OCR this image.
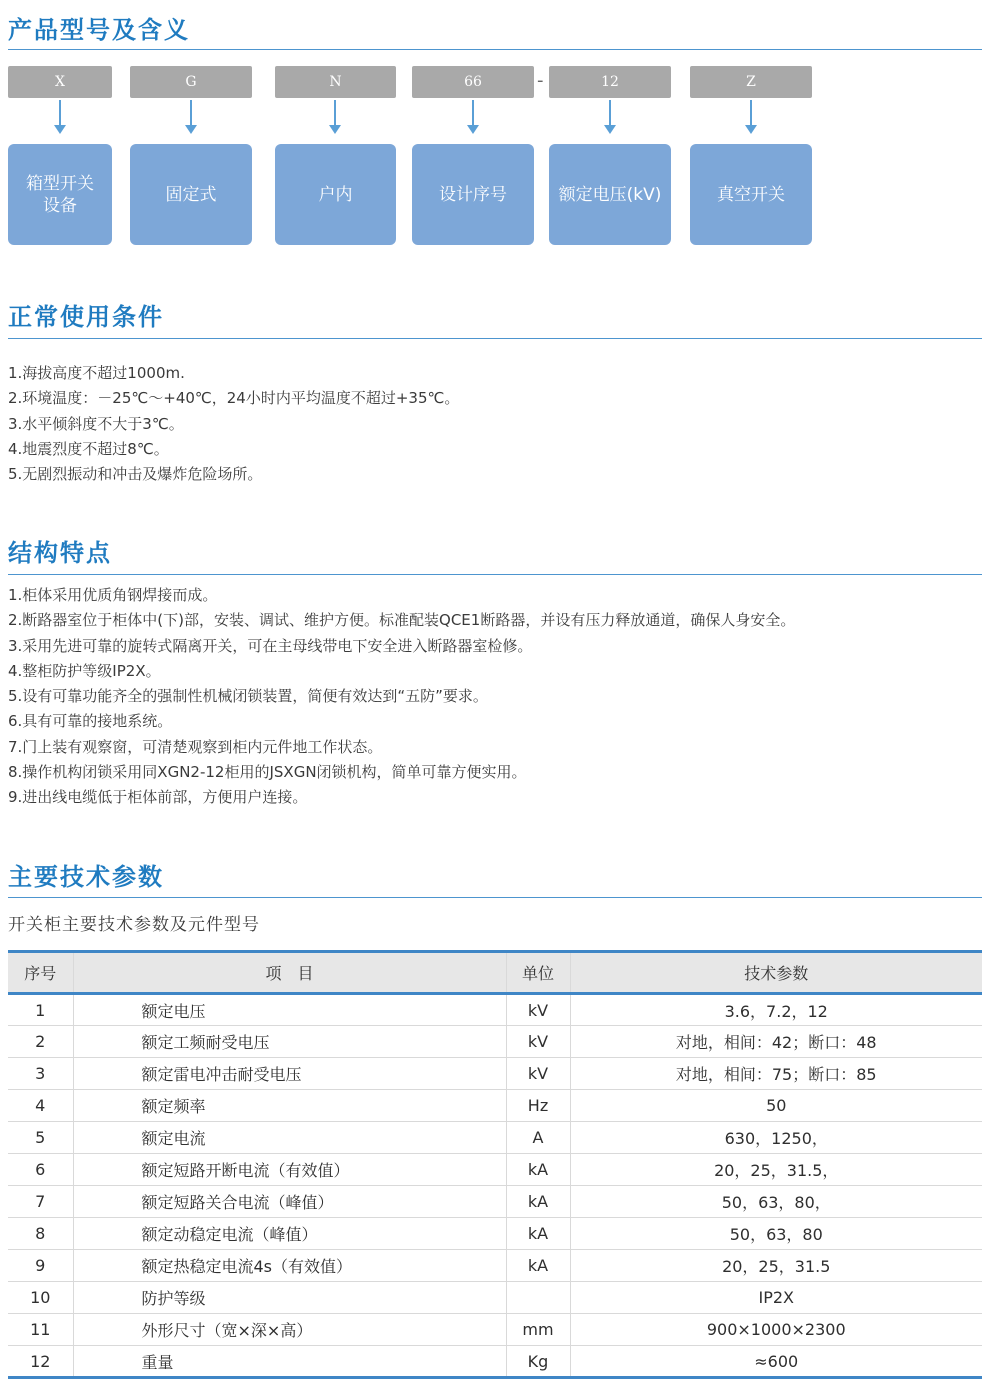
产品型号及含义
X	G	N	66	-	12	Z
箱型开关
设备
固定式	户内	设计序号	额定电压(kV)	真空开关
正常使用条件
1.海拔高度不超过1000m.
2.环境温度：－25℃～+40℃，24小时内平均温度不超过+35℃。
3.水平倾斜度不大于3℃。
4.地震烈度不超过8℃。
5.无剧烈振动和冲击及爆炸危险场所。
结构特点
1.柜体采用优质角钢焊接而成。
2.断路器室位于柜体中(下)部，安装、调试、维护方便。标准配装QCE1断路器，并设有压力释放通道，确保人身安全。
3.采用先进可靠的旋转式隔离开关，可在主母线带电下安全进入断路器室检修。
4.整柜防护等级IP2X。
5.设有可靠功能齐全的强制性机械闭锁装置，简便有效达到“五防”要求。
6.具有可靠的接地系统。
7.门上装有观察窗，可清楚观察到柜内元件地工作状态。
8.操作机构闭锁采用同XGN2-12柜用的JSXGN闭锁机构，简单可靠方便实用。
9.进出线电缆低于柜体前部，方便用户连接。
主要技术参数
开关柜主要技术参数及元件型号
序号	项　目	单位	技术参数
1	额定电压	kV	3.6，7.2，12
2	额定工频耐受电压	kV	对地，相间：42；断口：48
3	额定雷电冲击耐受电压	kV	对地，相间：75；断口：85
4	额定频率	Hz	50
5	额定电流	A	630，1250，
6	额定短路开断电流（有效值）	kA	20，25，31.5，
7	额定短路关合电流（峰值）	kA	50，63，80，
8	额定动稳定电流（峰值）	kA	50，63，80
9	额定热稳定电流4s（有效值）	kA	20，25，31.5
10	防护等级		IP2X
11	外形尺寸（宽×深×高）	mm	900×1000×2300
12	重量	Kg	≈600
